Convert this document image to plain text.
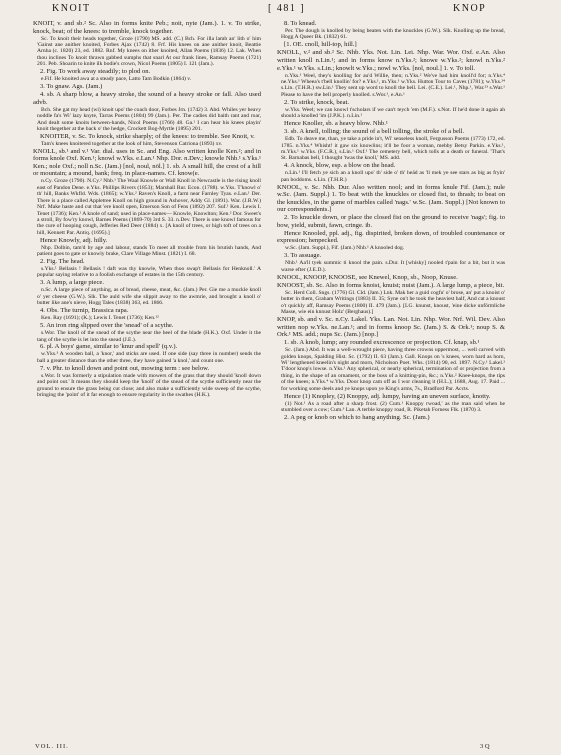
KNOIT	[ 481 ]	KNOP

KNOIT, v. and sb.² Sc. Also in forms knite Peb.; noit, nyte (Jam.). 1. v. To strike, knock, beat; of the knees: to tremble, knock together.

Sc. To knoit their heads together, Groze (1790) MS. add. (C.) Bch. For illa lamb an' lith o' him 'Gainst ane anither knoited, Forbes Ajax (1742) 8. Frf. His knees on ane anither knoit, Beattie Arnha (c. 1820) 23, ed. 1882. Rnf. My knees on ither knoited, Allan Poems (1836) 12. Lak. When thou inclines To knoit thrawn gabbed sumphs that snarl At our frank lines, Ramsay Poems (1721) 201. Peb. Shoarin to knite ilk bodie's crown, Nicol Poems (1805) I. 121 (Jam.).

2. Fig. To work away steadily; to plod on.

e.Fif. He knoited awa at a steady pace, Latto Tam Bodkin (1864) v.

3. To gnaw. Ags. (Jam.)

4. sb. A sharp blow, a heavy stroke, the sound of a heavy stroke or fall. Also used advb.

Bch. She gat my head (wi) knoit upo' the coach door, Forbes Jrn. (1742) 3. Abd. Whiles yer heavy noddle fa's Wi' lazy knyte, Tarras Poems (1804) 99 (Jam.). Per. The cadies did baith rant and roar, And dealt some knoits between-hands, Nicol Poems (1766) 48. Ga.¹ I can hear his knees playin' knoit thegether at the back o' the hedge, Crockett Bog-Myrtle (1895) 201.

KNOITER, v. Sc. To knock, strike sharply; of the knees: to tremble. See Knoit, v.

Tam's knees knoitered together at the look of him, Stevenson Catriona (1893) xv.

KNOLL, sb.¹ and v.¹ Var. dial. uses in Sc. and Eng. Also written knolle Ken.²; and in forms knole Oxf. Ken.¹; knowl w.Yks. e.Lan.¹ Nhp. Dor. n.Dev.; knowle Nhb.¹ s.Yks.¹ Ken.; nole Oxf.; noll n.Sc. (Jam.) [nol, noul, nōl.] 1. sb. A small hill, the crest of a hill or mountain; a mound, bank; freq. in place-names. Cf. know(e.

n.Cy. Groze (1790). N.Cy.² Nhb.¹ The Waal Knowle or Wall Knoll in Newcastle is the rising knoll east of Pandon Dene. e.Yks. Phillips Rivers (1853); Marshall Rur. Econ. (1788). w.Yks. T'knowl o' th' hill, Banks Wkfld. Wds. (1865); w.Yks.² Raven's Knoll, a farm near Farnley Tyas. e.Lan.¹ Der. There is a place called Appletree Knoll on high ground in Ashover, Addy Gl. (1891). War. (J.R.W.) Nrf. Make haste and cut that 'ere knoll open, Emerson Son of Fens (1892) 207. Suf.¹ Ken. Lewis I. Tenet (1736); Ken.¹ A knole of sand; used in place-names— Knowle, Knowlton; Ken.² Dor. Sweet's a stroll, By fow'ry knowl, Barnes Poems (1869-70) 3rd S. 33. n.Dev. There is one knowl famous for the cure of hooping cough, Jefferies Red Deer (1884) x. [A knoll of trees, or high toft of trees on a hill, Kennett Par. Antiq. (1695).]

Hence Knowly, adj. hilly.

Nhp. Dolbin, tam'd by age and labour, stands To meet all trouble from his brutish hands, And patient goes to gate or knowly brake, Clare Village Minst. (1821) I. 68.

2. Fig. The head.

s.Yks.¹ Bellasis ! Bellasis ! daft was thy knowle, When thoo swap't Bellasis for Henknoll.' A popular saying relative to a foolish exchange of estates in the 15th century.

3. A lump, a large piece.

n.Sc. A large piece of anything, as of bread, cheese, meat, &c. (Jam.) Per. Gie me a muckle knoll o' yer cheese (G.W.). Slk. The auld wife she slippit away to the awmrie, and brought a knoll o' butter like ane's nieve, Hogg Tales (1838) 363, ed. 1866.

4. Obs. The turnip, Brassica rapa.

Ken. Ray (1691); (K.); Lewis I. Tenet (1736); Ken.¹²

5. An iron ring slipped over the 'snead' of a scythe.

s.Wor. The knoll of the snead of the scythe near the heel of the blade (H.K.). Oxf. Under it the tang of the scythe is let into the snead (J.E.).

6. pl. A boys' game, similar to 'knur and spell' (q.v.).

w.Yks.³ A wooden ball, a 'knor,' and sticks are used. If one side (say three in number) sends the ball a greater distance than the other three, they have gained 'a knol,' and count one.

7. v. Phr. to knoll down and point out, mowing term : see below.

s.Wor. It was formerly a stipulation made with mowers of the grass that they should 'knoll down and point out.' It means they should keep the 'knoll' of the snead of the scythe sufficiently near the ground to ensure the grass being cut close; and also make a sufficiently wide sweep of the scythe, bringing the 'point' of it far enough to ensure regularity in the swathes (H.K.).

8. To knead.

Per. The dough is knolled by being beaten with the knuckles (G.W.). Slk. Knolling up the bread, Hogg A Queer Bk. (1832) 61.

[1. OE. cnoll, hill-top, hill.]

KNOLL, v.² and sb.² Sc. Nhb. Yks. Not. Lin. Lei. Nhp. War. Wor. Oxf. e.An. Also written knoll n.Lin.¹; and in forms know n.Yks.²; knowe w.Yks.²; knowl n.Yks.² e.Yks.¹ w.Yks. s.Lin.; knowlt w.Yks.; nowl w.Yks. [nol, noul.] 1. v. To toll.

n.Yks.¹ Weel, they's knolling for au'd Willie, then; n.Yks.² We've had him knoll'd for; n.Yks.⁴ ne.Yks.¹ Wheea's t'bell knollin' for? e.Yks.¹, m.Yks.¹ w.Yks. Hutton Tour to Caves (1781); w.Yks.²⁴ s.Lin. (T.H.R.) sw.Lin.¹ They sent up word to knoll the bell. Lei. (C.E.). Lei.¹, Nhp.¹, War.²³ s.War.¹ Please to have the bell properly knolled. s.Wor.¹, e.An.¹

2. To strike, knock, beat.

w.Yks. Weel; we can knowl t'scholars if we can't teych 'em (M.F.). s.Not. If he'd done it again ah should a knolled 'im (J.P.K.). n.Lin.¹

Hence Knoller, sb. a heavy blow. Nhb.¹

3. sb. A knell, tolling; the sound of a bell tolling, the stroke of a bell.

Edb. To deave me, than, ye take a pride in't, Wi' senseless knoll, Fergusson Poems (1773) 172, ed. 1785. n.Yks.⁴ Whisht! it gaw six knowlins; it'll be foor a woman, mebby Betsy Parkin. e.Yks.¹, m.Yks.¹ w.Yks. (F.C.R.), s.Lin.¹ Oxf.¹ The cemetery bell, which tolls at a death or funeral. 'That's St. Barnabas bell, I thought 'twas the knoll,' MS. add.

4. A knock, blow, esp. a blow on the head.

n.Lin.¹ I'll fetch ye sich an a knoll upo' th' side o' th' heäd as 'll mek ye see stars as big as fryin' pan boddoms. s.Lin. (T.H.R.)

KNOOL, v. Sc. Nhb. Dur. Also written nool; and in forms knule Fif. (Jam.); nule w.Sc. (Jam. Suppl.) 1. To beat with the knuckles or closed fist, to thrash; to beat on the knuckles, in the game of marbles called 'nags.' w.Sc. (Jam. Suppl.) [Not known to our correspondents.]

2. To knuckle down, or place the closed fist on the ground to receive 'nags'; fig. to bow, yield, submit, fawn, cringe. ib.

Hence Knooled, ppl. adj., fig. dispirited, broken down, of troubled countenance or expression; henpecked.

w.Sc. (Jam. Suppl.), Fif. (Jam.) Nhb.¹ A knooled dog.

3. To assuage.

Nhb.¹ Aa'll tyek summic ti knool the pain. s.Dur. It [whisky] nooled t'pain for a bit, but it was warse efter (J.E.D.).

KNOOL, KNOOP, KNOOSE, see Knewel, Knop, sb., Noop, Knuse.

KNOOST, sb. Sc. Also in forms knoist, knuist; nuist (Jam.). A large lump, a piece, bit.

Sc. Herd Coll. Sngs. (1776) Gl. Cld. (Jam.) Lnk. Mak her a guid cogfu' o' brose, an' put a knoist o' butter in them, Graham Writings (1883) II. 35; Syne on't he took the heaviest half, And cat a knoust o't quickly aff, Ramsay Poems (1800) II. 479 (Jam.). [LG. knunst, knoust, 'eine dicke unförmliche Masse, wie ein knnust Holz' (Berghaus).]

KNOP, sb. and v. Sc. n.Cy. Lakel. Yks. Lan. Not. Lin. Nhp. Wor. Nrf. Wil. Dev. Also written nop w.Yks. ne.Lan.¹; and in forms knoop Sc. (Jam.) S. & Ork.¹; noup S. & Ork.¹ MS. add.; nups Sc. (Jam.) [nop.]

1. sb. A knob, lump; any rounded excrescence or projection. Cf. knap, sb.¹

Sc. (Jam.) Abd. It was a well-wrought piece, having three crowns uppermost, ... well carved with golden knops, Spalding Hist. Sc. (1792) II. 63 (Jam.). Gall. Knops on 's knees, worn hard as horn, Wi' lengthened kneelin's night and morn, Nicholson Poet. Wks. (1814) 90, ed. 1897. N.Cy.¹ Lakel.² T'door knop's lowse. n.Yks.¹ Any spherical, or nearly spherical, termination of or projection from a thing, in the shape of an ornament, or the boss of a knitting-pin, &c.; n.Yks.² Knee-knops, the tips of the knees; n.Yks.⁴ w.Yks. Door knop cam off as I wor cleaning it (H.L.); 1688, Aug. 17. Paid ... for working some deels and ye knops upon ye King's arms, 7s., Bradford Par. Accts.

Hence (1) Knopley, (2) Knoppy, adj. lumpy, having an uneven surface, knotty.

(1) Not.¹ As a road after a sharp frost. (2) Cum.¹ Knoppy rwoad,' as the man said when he stumbled over a cow; Cum.³ Lan. A terble knoppy road, R. Piketah Forness Flk. (1870) 3.

2. A peg or knob on which to hang anything. Sc. (Jam.)

VOL. III.	3 Q
